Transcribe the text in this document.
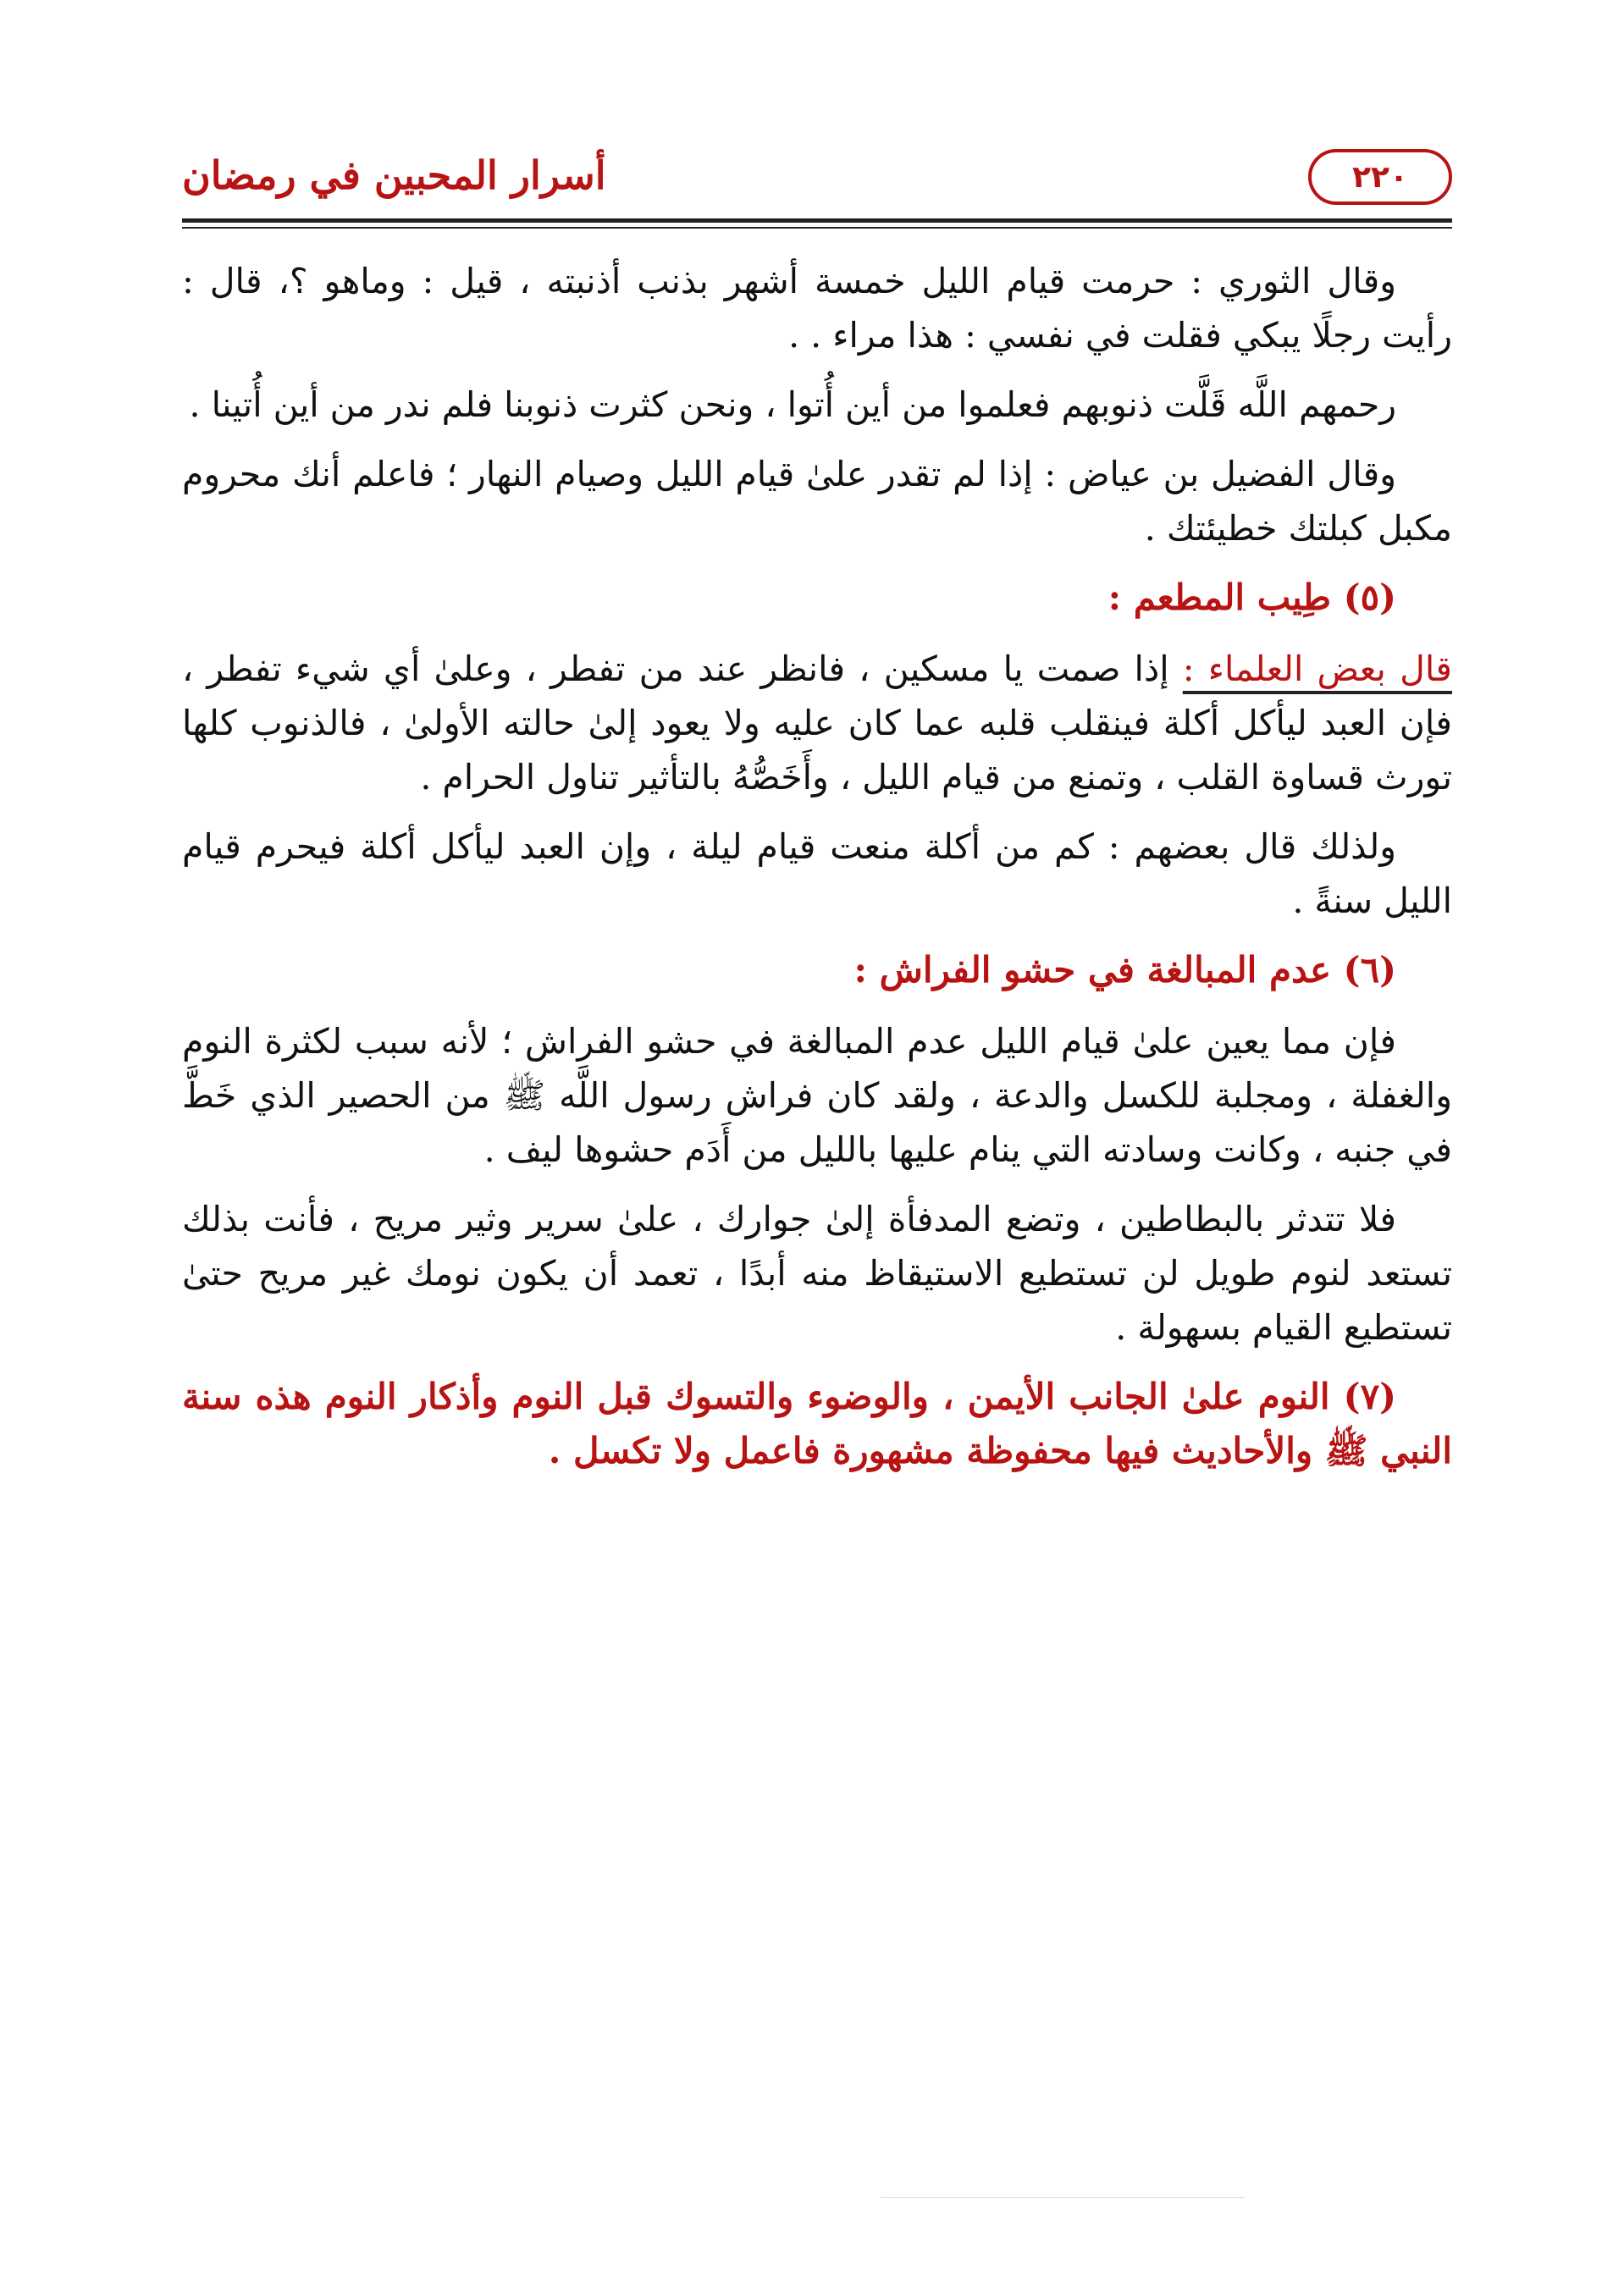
أسرار المحبين في رمضان	٢٢٠

وقال الثوري : حرمت قيام الليل خمسة أشهر بذنب أذنبته ، قيل : وماهو ؟، قال : رأيت رجلًا يبكي فقلت في نفسي : هذا مراء . .

رحمهم اللَّه قَلَّت ذنوبهم فعلموا من أين أُتوا ، ونحن كثرت ذنوبنا فلم ندر من أين أُتينا .

وقال الفضيل بن عياض : إذا لم تقدر علىٰ قيام الليل وصيام النهار ؛ فاعلم أنك محروم مكبل كبلتك خطيئتك .

(٥) طِيب المطعم :

قال بعض العلماء : إذا صمت يا مسكين ، فانظر عند من تفطر ، وعلىٰ أي شيء تفطر ، فإن العبد ليأكل أكلة فينقلب قلبه عما كان عليه ولا يعود إلىٰ حالته الأولىٰ ، فالذنوب كلها تورث قساوة القلب ، وتمنع من قيام الليل ، وأَخَصُّهُ بالتأثير تناول الحرام .

ولذلك قال بعضهم : كم من أكلة منعت قيام ليلة ، وإن العبد ليأكل أكلة فيحرم قيام الليل سنةً .

(٦) عدم المبالغة في حشو الفراش :

فإن مما يعين علىٰ قيام الليل عدم المبالغة في حشو الفراش ؛ لأنه سبب لكثرة النوم والغفلة ، ومجلبة للكسل والدعة ، ولقد كان فراش رسول اللَّه ﷺ من الحصير الذي خَطَّ في جنبه ، وكانت وسادته التي ينام عليها بالليل من أَدَم حشوها ليف .

فلا تتدثر بالبطاطين ، وتضع المدفأة إلىٰ جوارك ، علىٰ سرير وثير مريح ، فأنت بذلك تستعد لنوم طويل لن تستطيع الاستيقاظ منه أبدًا ، تعمد أن يكون نومك غير مريح حتىٰ تستطيع القيام بسهولة .

(٧) النوم علىٰ الجانب الأيمن ، والوضوء والتسوك قبل النوم وأذكار النوم هذه سنة النبي ﷺ والأحاديث فيها محفوظة مشهورة فاعمل ولا تكسل .
